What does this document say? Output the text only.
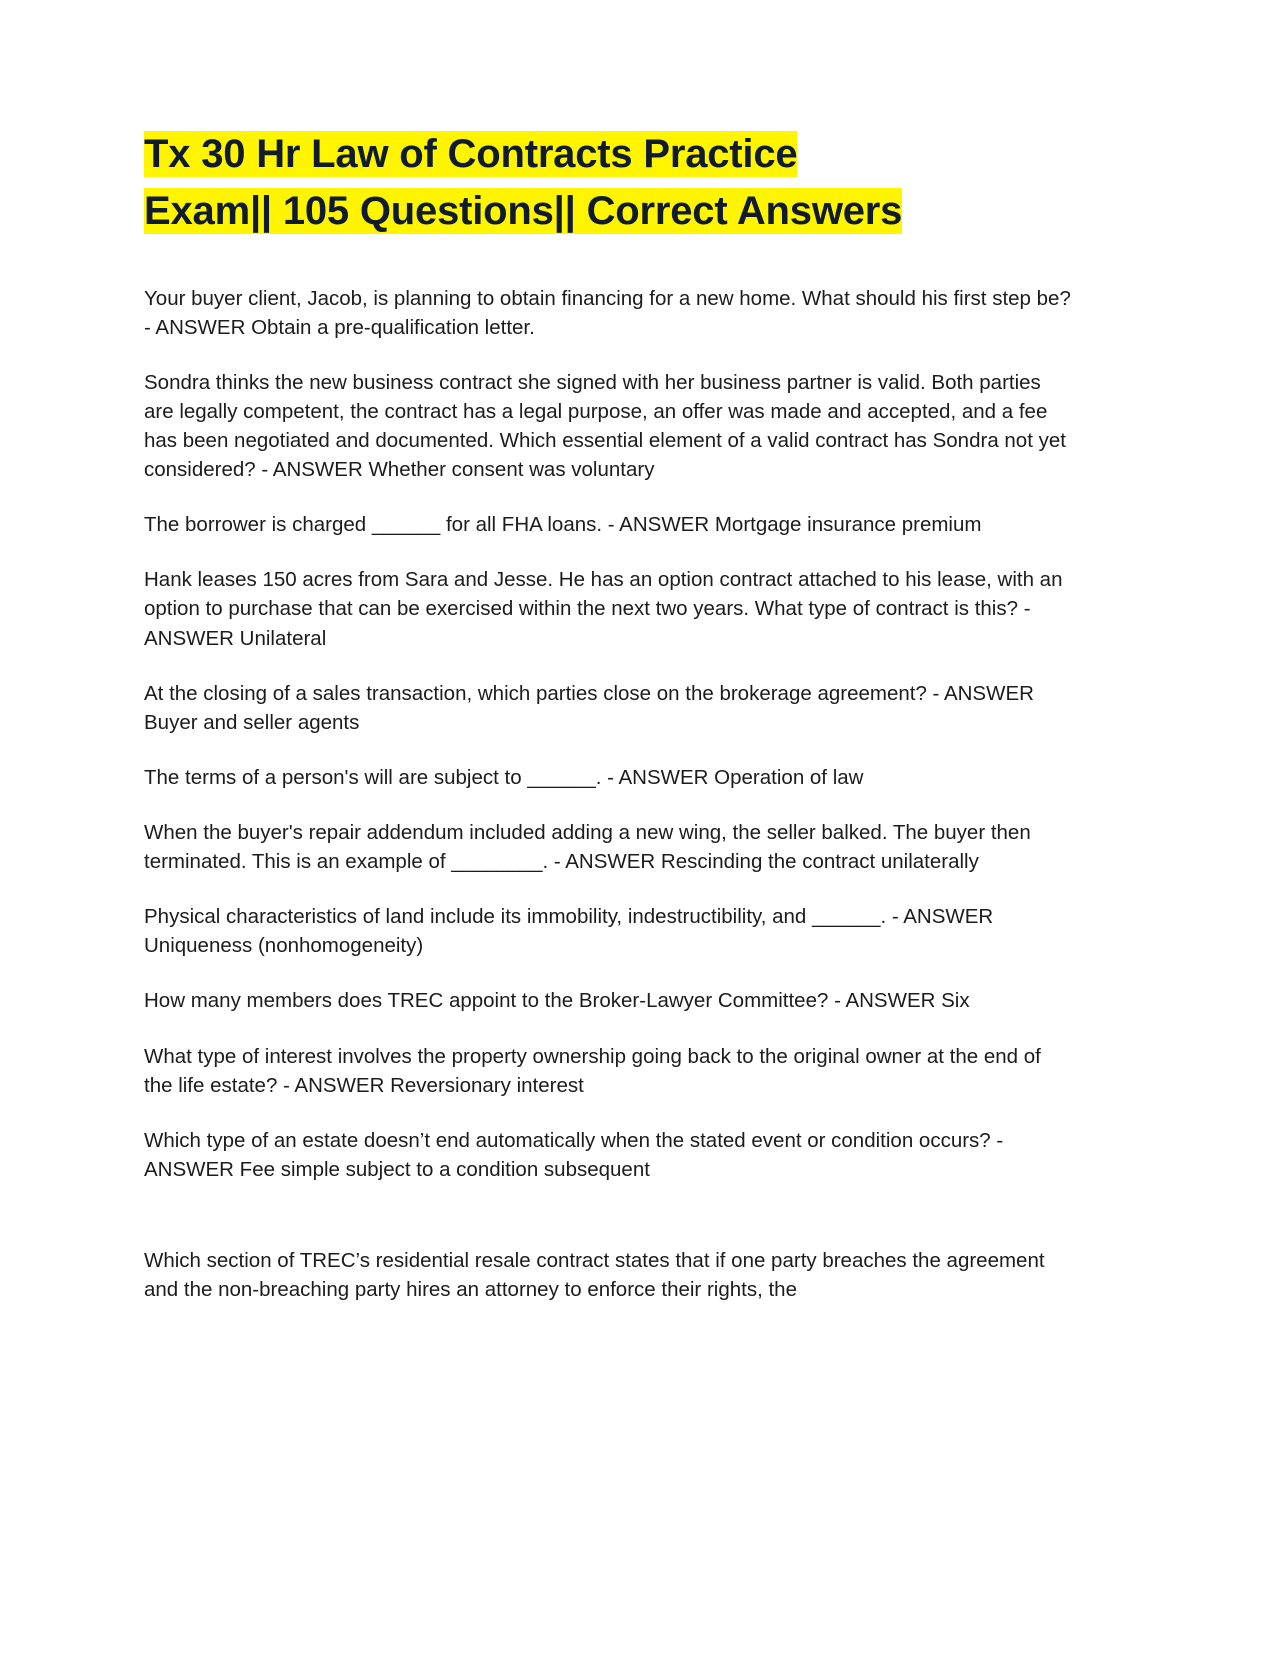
Tx 30 Hr Law of Contracts Practice
Exam|| 105 Questions|| Correct Answers

Your buyer client, Jacob, is planning to obtain financing for a new home. What should his first step be? - ANSWER Obtain a pre-qualification letter.

Sondra thinks the new business contract she signed with her business partner is valid. Both parties are legally competent, the contract has a legal purpose, an offer was made and accepted, and a fee has been negotiated and documented. Which essential element of a valid contract has Sondra not yet considered? - ANSWER Whether consent was voluntary

The borrower is charged ______ for all FHA loans. - ANSWER Mortgage insurance premium

Hank leases 150 acres from Sara and Jesse. He has an option contract attached to his lease, with an option to purchase that can be exercised within the next two years. What type of contract is this? - ANSWER Unilateral

At the closing of a sales transaction, which parties close on the brokerage agreement? - ANSWER Buyer and seller agents

The terms of a person's will are subject to ______. - ANSWER Operation of law

When the buyer's repair addendum included adding a new wing, the seller balked. The buyer then terminated. This is an example of ________. - ANSWER Rescinding the contract unilaterally

Physical characteristics of land include its immobility, indestructibility, and ______. - ANSWER Uniqueness (nonhomogeneity)

How many members does TREC appoint to the Broker-Lawyer Committee? - ANSWER Six

What type of interest involves the property ownership going back to the original owner at the end of the life estate? - ANSWER Reversionary interest

Which type of an estate doesn’t end automatically when the stated event or condition occurs? - ANSWER Fee simple subject to a condition subsequent

Which section of TREC’s residential resale contract states that if one party breaches the agreement and the non-breaching party hires an attorney to enforce their rights, the
